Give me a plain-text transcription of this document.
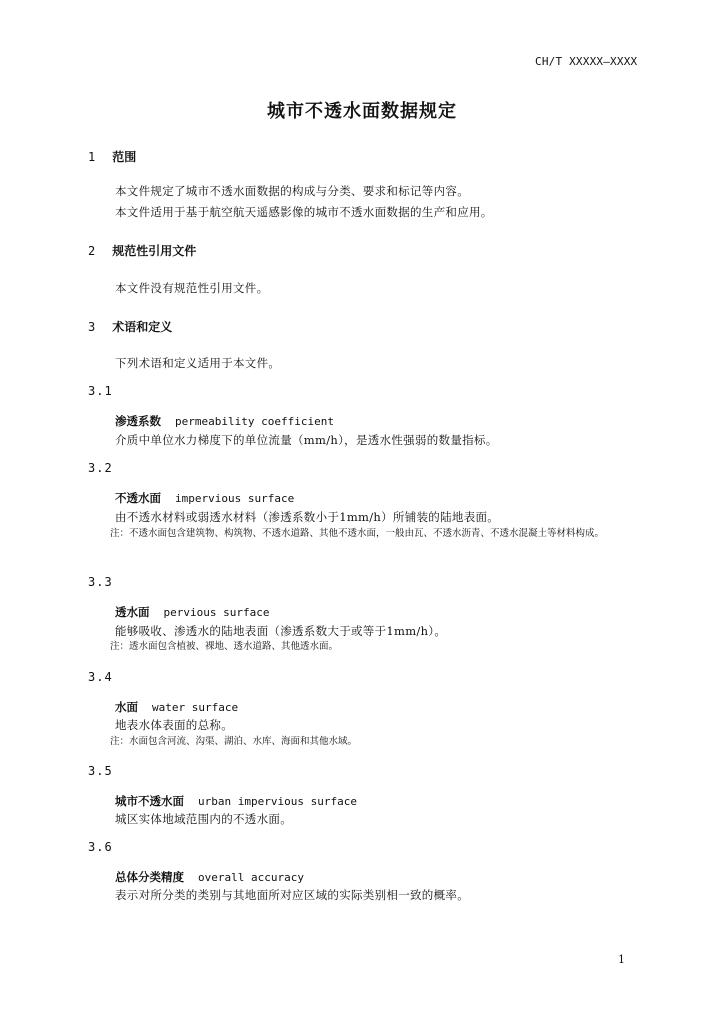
CH/T XXXXX—XXXX
城市不透水面数据规定
1 范围
本文件规定了城市不透水面数据的构成与分类、要求和标记等内容。
本文件适用于基于航空航天遥感影像的城市不透水面数据的生产和应用。
2 规范性引用文件
本文件没有规范性引用文件。
3 术语和定义
下列术语和定义适用于本文件。
3.1
渗透系数 permeability coefficient
介质中单位水力梯度下的单位流量（mm/h），是透水性强弱的数量指标。
3.2
不透水面 impervious surface
由不透水材料或弱透水材料（渗透系数小于1mm/h）所铺装的陆地表面。
注：不透水面包含建筑物、构筑物、不透水道路、其他不透水面，一般由瓦、不透水沥青、不透水混凝土等材料构成。
3.3
透水面 pervious surface
能够吸收、渗透水的陆地表面（渗透系数大于或等于1mm/h）。
注：透水面包含植被、裸地、透水道路、其他透水面。
3.4
水面 water surface
地表水体表面的总称。
注：水面包含河流、沟渠、湖泊、水库、海面和其他水域。
3.5
城市不透水面 urban impervious surface
城区实体地域范围内的不透水面。
3.6
总体分类精度 overall accuracy
表示对所分类的类别与其地面所对应区域的实际类别相一致的概率。
1
